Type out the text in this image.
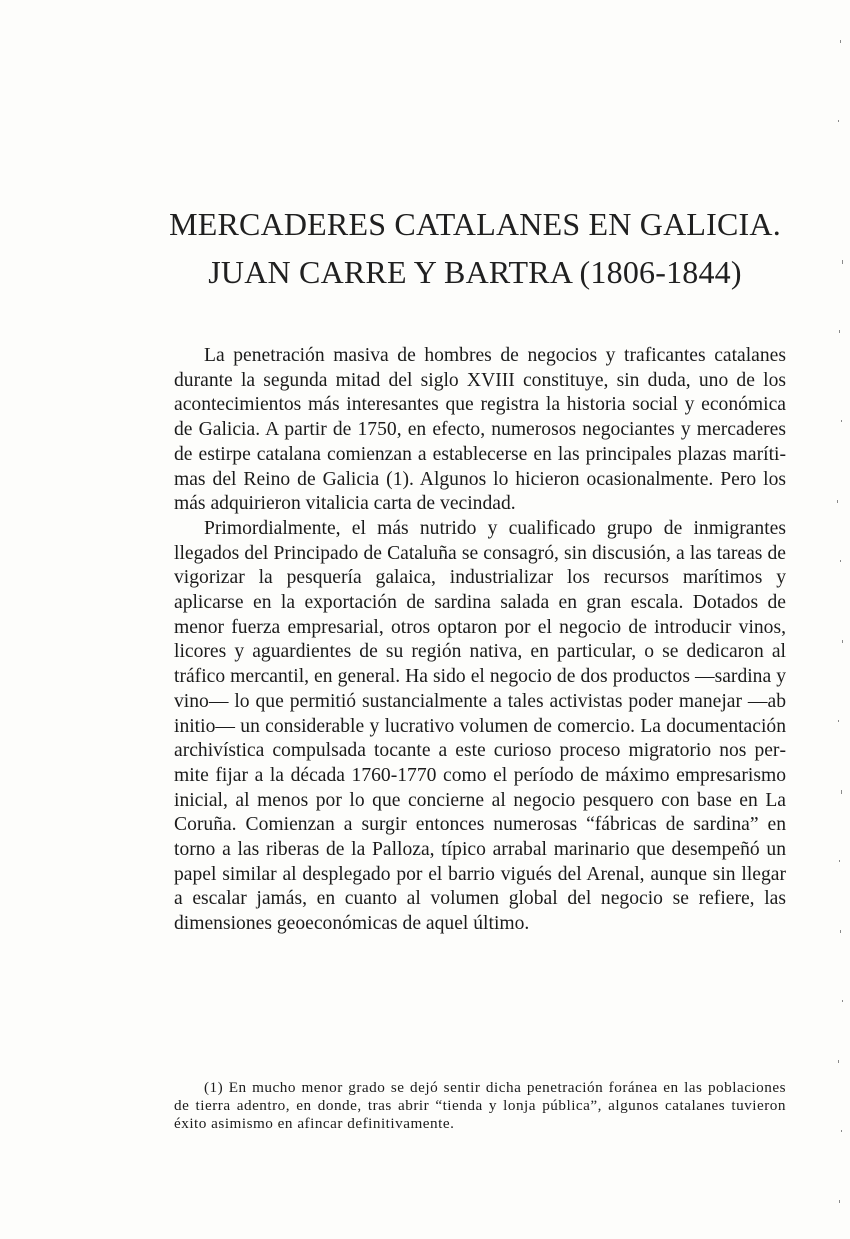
MERCADERES CATALANES EN GALICIA.
JUAN CARRE Y BARTRA (1806-1844)

La penetración masiva de hombres de negocios y traficantes catalanes durante la segunda mitad del siglo XVIII constituye, sin duda, uno de los acontecimientos más interesantes que registra la historia social y económica de Galicia. A partir de 1750, en efecto, numerosos negociantes y mercaderes de estirpe catalana comienzan a establecerse en las principales plazas marítimas del Reino de Galicia (1). Algunos lo hicieron ocasionalmente. Pero los más adquirieron vitalicia carta de vecindad.

Primordialmente, el más nutrido y cualificado grupo de inmigrantes llegados del Principado de Cataluña se consagró, sin discusión, a las tareas de vigorizar la pesquería galaica, industrializar los recursos marítimos y aplicarse en la exportación de sardina salada en gran escala. Dotados de menor fuerza empresarial, otros optaron por el negocio de introducir vinos, licores y aguardientes de su región nativa, en particular, o se dedicaron al tráfico mercantil, en general. Ha sido el negocio de dos productos —sardina y vino— lo que permitió sustancialmente a tales activistas poder manejar —ab initio— un considerable y lucrativo volumen de comercio. La documentación archivística compulsada tocante a este curioso proceso migratorio nos permite fijar a la década 1760-1770 como el período de máximo empresarismo inicial, al menos por lo que concierne al negocio pesquero con base en La Coruña. Comienzan a surgir entonces numerosas “fábricas de sardina” en torno a las riberas de la Palloza, típico arrabal marinario que desempeñó un papel similar al desplegado por el barrio vigués del Arenal, aunque sin llegar a escalar jamás, en cuanto al volumen global del negocio se refiere, las dimensiones geoeconómicas de aquel último.

(1) En mucho menor grado se dejó sentir dicha penetración foránea en las poblaciones de tierra adentro, en donde, tras abrir “tienda y lonja pública”, algunos catalanes tuvieron éxito asimismo en afincar definitivamente.
